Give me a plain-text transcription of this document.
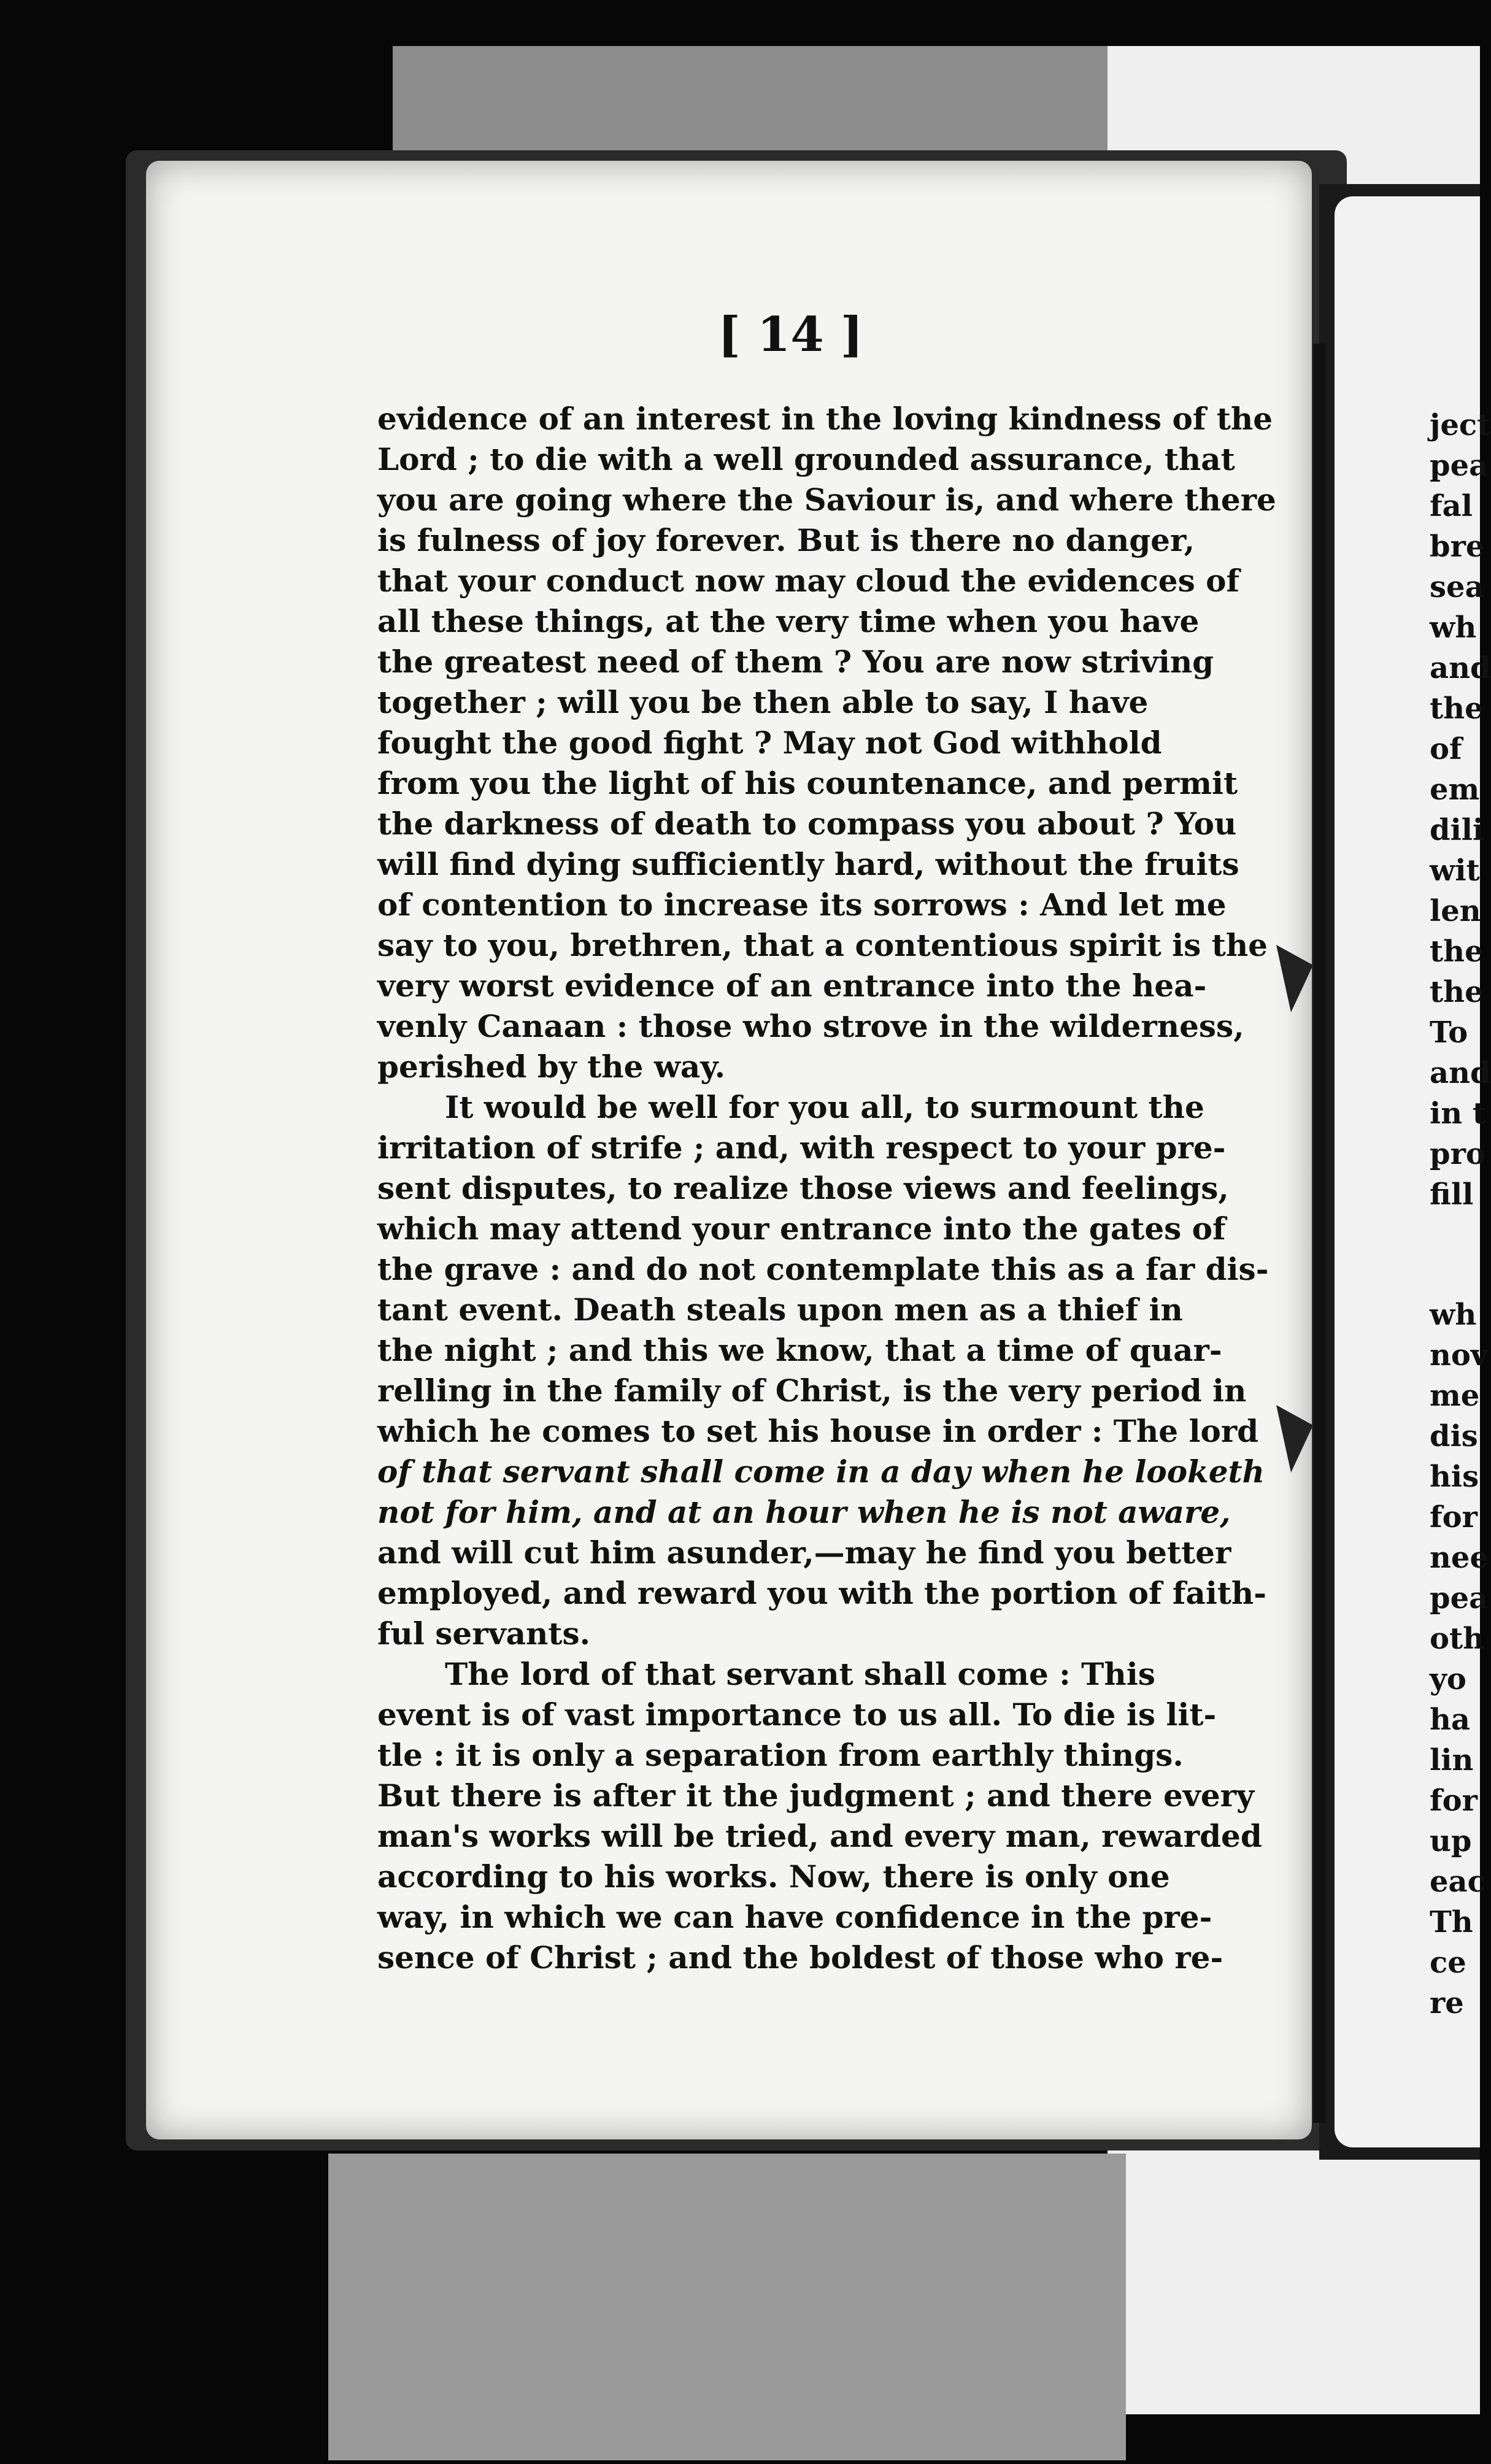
ject
pea
fal
bre
sea
wh
and
the
of
em
dili
wit
len
the
the
To
and
in t
pro
fill
wh
nov
me
dis
his
for
nee
pea
oth
yo
ha
lin
for
up
eac
Th
ce
re
[ 14 ]
evidence of an interest in the loving kindness of the
Lord ; to die with a well grounded assurance, that
you are going where the Saviour is, and where there
is fulness of joy forever. But is there no danger,
that your conduct now may cloud the evidences of
all these things, at the very time when you have
the greatest need of them ? You are now striving
together ; will you be then able to say, I have
fought the good fight ? May not God withhold
from you the light of his countenance, and permit
the darkness of death to compass you about ? You
will find dying sufficiently hard, without the fruits
of contention to increase its sorrows : And let me
say to you, brethren, that a contentious spirit is the
very worst evidence of an entrance into the hea-
venly Canaan : those who strove in the wilderness,
perished by the way.
It would be well for you all, to surmount the
irritation of strife ; and, with respect to your pre-
sent disputes, to realize those views and feelings,
which may attend your entrance into the gates of
the grave : and do not contemplate this as a far dis-
tant event. Death steals upon men as a thief in
the night ; and this we know, that a time of quar-
relling in the family of Christ, is the very period in
which he comes to set his house in order : The lord
of that servant shall come in a day when he looketh
not for him, and at an hour when he is not aware,
and will cut him asunder,—may he find you better
employed, and reward you with the portion of faith-
ful servants.
The lord of that servant shall come : This
event is of vast importance to us all. To die is lit-
tle : it is only a separation from earthly things.
But there is after it the judgment ; and there every
man's works will be tried, and every man, rewarded
according to his works. Now, there is only one
way, in which we can have confidence in the pre-
sence of Christ ; and the boldest of those who re-
